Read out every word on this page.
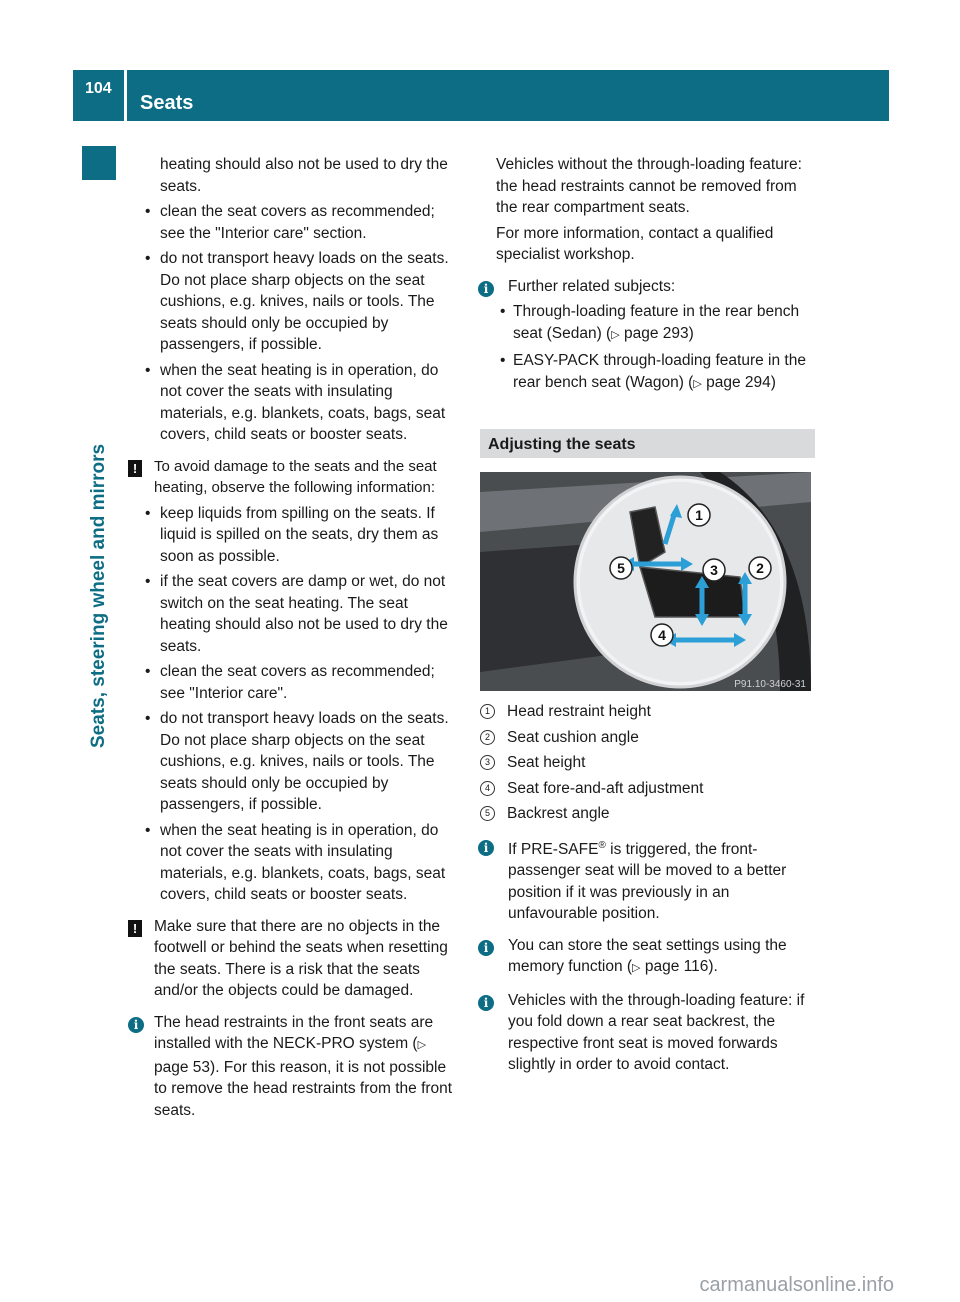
104
Seats
Seats, steering wheel and mirrors

heating should also not be used to dry the seats.

• clean the seat covers as recommended; see the "Interior care" section.
• do not transport heavy loads on the seats. Do not place sharp objects on the seat cushions, e.g. knives, nails or tools. The seats should only be occupied by passengers, if possible.
• when the seat heating is in operation, do not cover the seats with insulating materials, e.g. blankets, coats, bags, seat covers, child seats or booster seats.
!	To avoid damage to the seats and the seat heating, observe the following information:

• keep liquids from spilling on the seats. If liquid is spilled on the seats, dry them as soon as possible.
• if the seat covers are damp or wet, do not switch on the seat heating. The seat heating should also not be used to dry the seats.
• clean the seat covers as recommended; see "Interior care".
• do not transport heavy loads on the seats. Do not place sharp objects on the seat cushions, e.g. knives, nails or tools. The seats should only be occupied by passengers, if possible.
• when the seat heating is in operation, do not cover the seats with insulating materials, e.g. blankets, coats, bags, seat covers, child seats or booster seats.
!	Make sure that there are no objects in the footwell or behind the seats when resetting the seats. There is a risk that the seats and/or the objects could be damaged.

i	The head restraints in the front seats are installed with the NECK-PRO system (▷ page 53). For this reason, it is not possible to remove the head restraints from the front seats.

Vehicles without the through-loading feature: the head restraints cannot be removed from the rear compartment seats.

For more information, contact a qualified specialist workshop.

i	Further related subjects:

• Through-loading feature in the rear bench seat (Sedan) (▷ page 293)
• EASY-PACK through-loading feature in the rear bench seat (Wagon) (▷ page 294)
Adjusting the seats
1
2
3
4
5
P91.10-3460-31
1	Head restraint height
2	Seat cushion angle
3	Seat height
4	Seat fore-and-aft adjustment
5	Backrest angle
i	If PRE-SAFE® is triggered, the front-passenger seat will be moved to a better position if it was previously in an unfavourable position.

i	You can store the seat settings using the memory function (▷ page 116).

i	Vehicles with the through-loading feature: if you fold down a rear seat backrest, the respective front seat is moved forwards slightly in order to avoid contact.

carmanualsonline.info
